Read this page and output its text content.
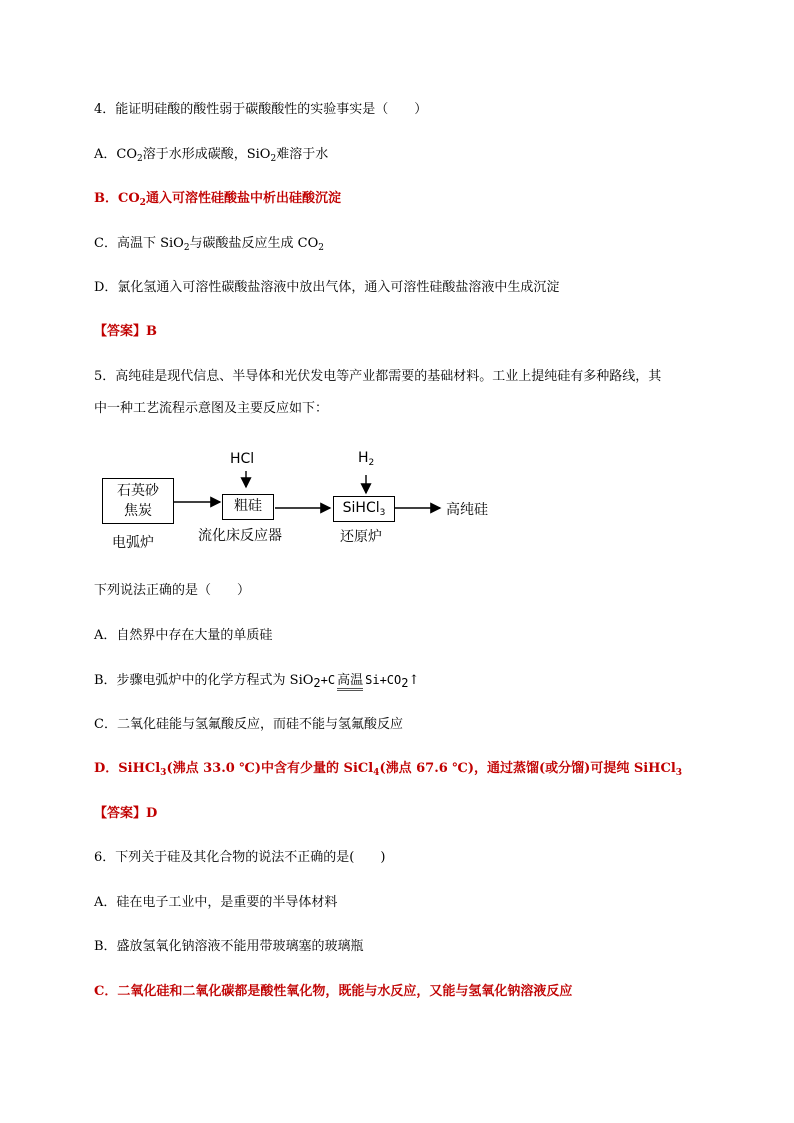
4．能证明硅酸的酸性弱于碳酸酸性的实验事实是（　　）
A．$CO_2$溶于水形成碳酸，SiO$_2$难溶于水
B．$CO_2$通入可溶性硅酸盐中析出硅酸沉淀
C．高温下 SiO$_2$与碳酸盐反应生成 $CO_2$
D．氯化氢通入可溶性碳酸盐溶液中放出气体，通入可溶性硅酸盐溶液中生成沉淀
【答案】B
5．高纯硅是现代信息、半导体和光伏发电等产业都需要的基础材料。工业上提纯硅有多种路线，其
中一种工艺流程示意图及主要反应如下：
石英砂
焦炭
电弧炉
HCl
粗硅
流化床反应器
$H_2$
SiHCl$_3$
还原炉
高纯硅
下列说法正确的是（　　）
A．自然界中存在大量的单质硅
B．步骤电弧炉中的化学方程式为 SiO$_2$+C 高温 $Si+CO_2↑$
C．二氧化硅能与氢氟酸反应，而硅不能与氢氟酸反应
D．SiHCl$_3$(沸点 33.0 ℃)中含有少量的 SiCl$_4$(沸点 67.6 ℃)，通过蒸馏(或分馏)可提纯 SiHCl$_3$
【答案】D
6．下列关于硅及其化合物的说法不正确的是(　　)
A．硅在电子工业中，是重要的半导体材料
B．盛放氢氧化钠溶液不能用带玻璃塞的玻璃瓶
C．二氧化硅和二氧化碳都是酸性氧化物，既能与水反应，又能与氢氧化钠溶液反应
